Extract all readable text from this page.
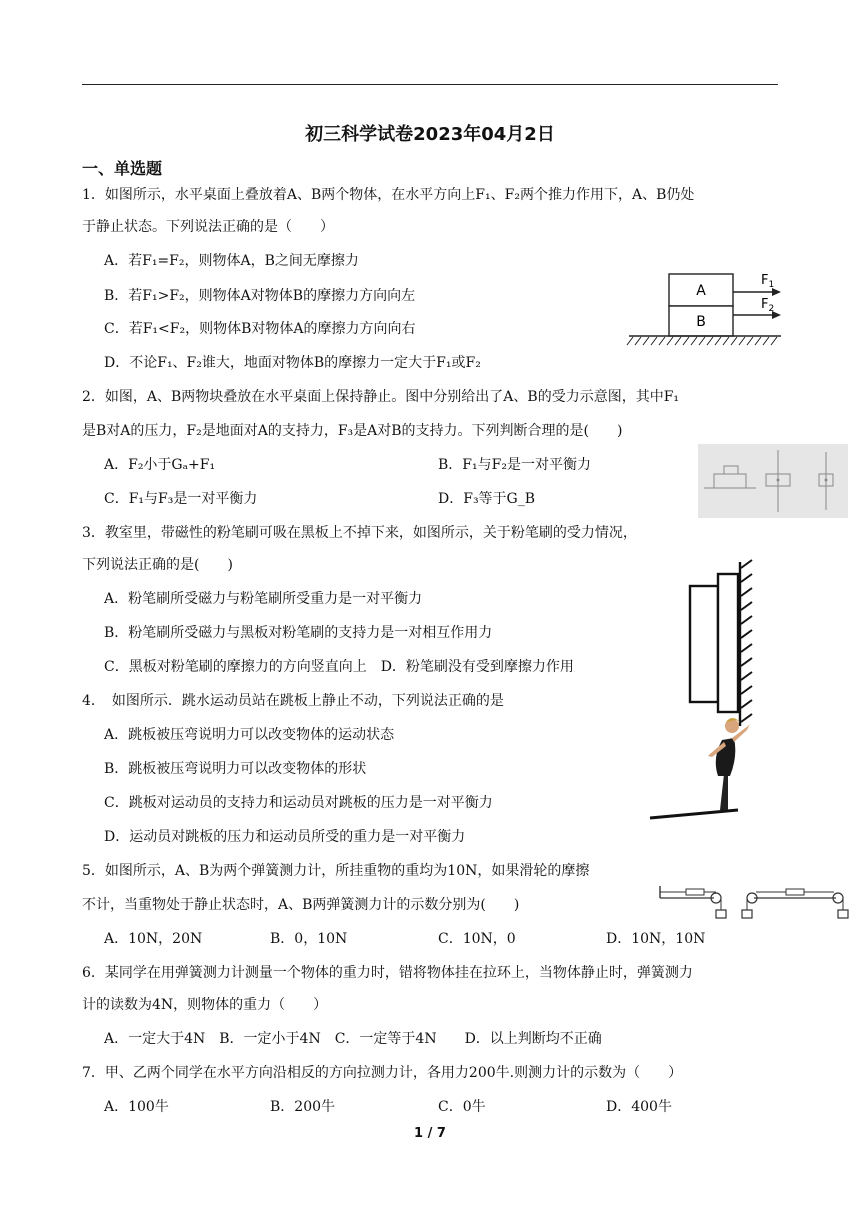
初三科学试卷2023年04月2日
一、单选题
1．如图所示，水平桌面上叠放着A、B两个物体，在水平方向上F₁、F₂两个推力作用下，A、B仍处
于静止状态。下列说法正确的是（　　）
A．若F₁=F₂，则物体A，B之间无摩擦力
B．若F₁>F₂，则物体A对物体B的摩擦力方向向左
C．若F₁<F₂，则物体B对物体A的摩擦力方向向右
D．不论F₁、F₂谁大，地面对物体B的摩擦力一定大于F₁或F₂
A
B
$F_1$
$F_2$
2．如图，A、B两物块叠放在水平桌面上保持静止。图中分别给出了A、B的受力示意图，其中F₁
是B对A的压力，F₂是地面对A的支持力，F₃是A对B的支持力。下列判断合理的是(　　)
A．F₂小于Gₐ+F₁	B．F₁与F₂是一对平衡力
C．F₁与F₃是一对平衡力	D．F₃等于G_B
3．教室里，带磁性的粉笔刷可吸在黑板上不掉下来，如图所示，关于粉笔刷的受力情况，
下列说法正确的是(　　)
A．粉笔刷所受磁力与粉笔刷所受重力是一对平衡力
B．粉笔刷所受磁力与黑板对粉笔刷的支持力是一对相互作用力
C．黑板对粉笔刷的摩擦力的方向竖直向上　D．粉笔刷没有受到摩擦力作用
4．　如图所示．跳水运动员站在跳板上静止不动，下列说法正确的是
A．跳板被压弯说明力可以改变物体的运动状态
B．跳板被压弯说明力可以改变物体的形状
C．跳板对运动员的支持力和运动员对跳板的压力是一对平衡力
D．运动员对跳板的压力和运动员所受的重力是一对平衡力
5．如图所示，A、B为两个弹簧测力计，所挂重物的重均为10N，如果滑轮的摩擦
不计，当重物处于静止状态时，A、B两弹簧测力计的示数分别为(　　)
A．10N，20N	B．0，10N	C．10N，0	D．10N，10N
6．某同学在用弹簧测力计测量一个物体的重力时，错将物体挂在拉环上，当物体静止时，弹簧测力
计的读数为4N，则物体的重力（　　）
A．一定大于4N　B．一定小于4N　C．一定等于4N　　D．以上判断均不正确
7．甲、乙两个同学在水平方向沿相反的方向拉测力计，各用力200牛.则测力计的示数为（　　）
A．100牛	B．200牛	C．0牛	D．400牛
1 / 7
